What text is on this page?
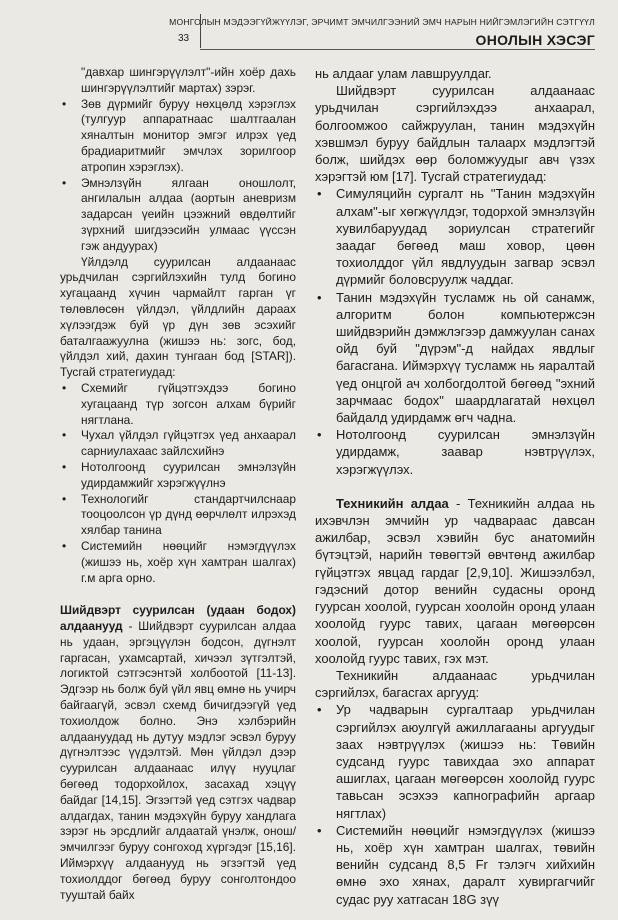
33
МОНГОЛЫН МЭДЭЭГҮЙЖҮҮЛЭГ, ЭРЧИМТ ЭМЧИЛГЭЭНИЙ ЭМЧ НАРЫН НИЙГЭМЛЭГИЙН СЭТГҮҮЛ
ОНОЛЫН ХЭСЭГ

"давхар шингэрүүлэлт"-ийн хоёр дахь шингэрүүлэлтийг мартах) зэрэг.

• Зөв дүрмийг буруу нөхцөлд хэрэглэх (тулгуур аппаратнаас шалтгаалан хяналтын монитор эмгэг илрэх үед брадиаритмийг эмчлэх зорилгоор атропин хэрэглэх).
• Эмнэлзүйн ялгаан оношлолт, ангилалын алдаа (аортын аневризм задарсан үеийн цээжний өвдөлтийг зүрхний шигдээсийн улмаас үүссэн гэж андуурах)

Үйлдэлд суурилсан алдаанаас урьдчилан сэргийлэхийн тулд богино хугацаанд хүчин чармайлт гарган үг төлөвлөсөн үйлдэл, үйлдлийн дараах хүлээгдэж буй үр дүн зөв эсэхийг баталгаажуулна (жишээ нь: зогс, бод, үйлдэл хий, дахин тунгаан бод [STAR]). Тусгай стратегиудад:

• Схемийг гүйцэтгэхдээ богино хугацаанд түр зогсон алхам бүрийг нягтлана.
• Чухал үйлдэл гүйцэтгэх үед анхаарал сарниулахаас зайлсхийнэ
• Нотолгоонд суурилсан эмнэлзүйн удирдамжийг хэрэгжүүлнэ
• Технологийг стандартчилснаар тооцоолсон үр дүнд өөрчлөлт илрэхэд хялбар танина
• Системийн нөөцийг нэмэгдүүлэх (жишээ нь, хоёр хүн хамтран шалгах) г.м арга орно.

Шийдвэрт суурилсан (удаан бодох) алдаанууд - Шийдвэрт суурилсан алдаа нь удаан, эргэцүүлэн бодсон, дүгнэлт гаргасан, ухамсартай, хичээл зүтгэлтэй, логиктой сэтгэсэнтэй холбоотой [11-13]. Эдгээр нь болж буй үйл явц өмнө нь учирч байгаагүй, эсвэл схемд бичигдээгүй үед тохиолдож болно. Энэ хэлбэрийн алдаануудад нь дутуу мэдлэг эсвэл буруу дүгнэлтээс үүдэлтэй. Мөн үйлдэл дээр суурилсан алдаанаас илүү нууцлаг бөгөөд тодорхойлох, засахад хэцүү байдаг [14,15]. Эгзэгтэй үед сэтгэх чадвар алдагдах, танин мэдэхүйн буруу хандлага зэрэг нь эрсдлийг алдаатай үнэлж, онош/эмчилгээг буруу сонгоход хүргэдэг [15,16]. Иймэрхүү алдаанууд нь эгзэгтэй үед тохиолддог бөгөөд буруу сонголтондоо тууштай байх

нь алдааг улам лавшруулдаг.

Шийдвэрт суурилсан алдаанаас урьдчилан сэргийлэхдээ анхаарал, болгоомжоо сайжруулан, танин мэдэхүйн хэвшмэл буруу байдлын талаарх мэдлэгтэй болж, шийдэх өөр боломжуудыг авч үзэх хэрэгтэй юм [17]. Тусгай стратегиудад:

• Симуляцийн сургалт нь "Танин мэдэхүйн алхам"-ыг хөгжүүлдэг, тодорхой эмнэлзүйн хувилбаруудад зориулсан стратегийг заадаг бөгөөд маш ховор, цөөн тохиолддог үйл явдлуудын загвар эсвэл дүрмийг боловсруулж чаддаг.
• Танин мэдэхүйн тусламж нь ой санамж, алгоритм болон компьютержсэн шийдвэрийн дэмжлэгээр дамжуулан санах ойд буй "дүрэм"-д найдах явдлыг багасгана. Иймэрхүү тусламж нь яаралтай үед онцгой ач холбогдолтой бөгөөд "эхний зарчмаас бодох" шаардлагатай нөхцөл байдалд удирдамж өгч чадна.
• Нотолгоонд суурилсан эмнэлзүйн удирдамж, заавар нэвтрүүлэх, хэрэгжүүлэх.

Техникийн алдаа - Техникийн алдаа нь ихэвчлэн эмчийн ур чадвараас давсан ажилбар, эсвэл хэвийн бус анатомийн бүтэцтэй, нарийн төвөгтэй өвчтөнд ажилбар гүйцэтгэх явцад гардаг [2,9,10]. Жишээлбэл, гэдэсний дотор венийн судасны оронд гуурсан хоолой, гуурсан хоолойн оронд улаан хоолойд гуурс тавих, цагаан мөгөөрсөн хоолой, гуурсан хоолойн оронд улаан хоолойд гуурс тавих, гэх мэт.

Техникийн алдаанаас урьдчилан сэргийлэх, багасгах аргууд:

• Ур чадварын сургалтаар урьдчилан сэргийлэх аюулгүй ажиллагааны аргуудыг заах нэвтрүүлэх (жишээ нь: Төвийн судсанд гуурс тавихдаа эхо аппарат ашиглах, цагаан мөгөөрсөн хоолойд гуурс тавьсан эсэхээ капнографийн аргаар нягтлах)
• Системийн нөөцийг нэмэгдүүлэх (жишээ нь, хоёр хүн хамтран шалгах, төвийн венийн судсанд 8,5 Fr тэлэгч хийхийн өмнө эхо хянах, даралт хувиргагчийг судас руу хатгасан 18G зүү
